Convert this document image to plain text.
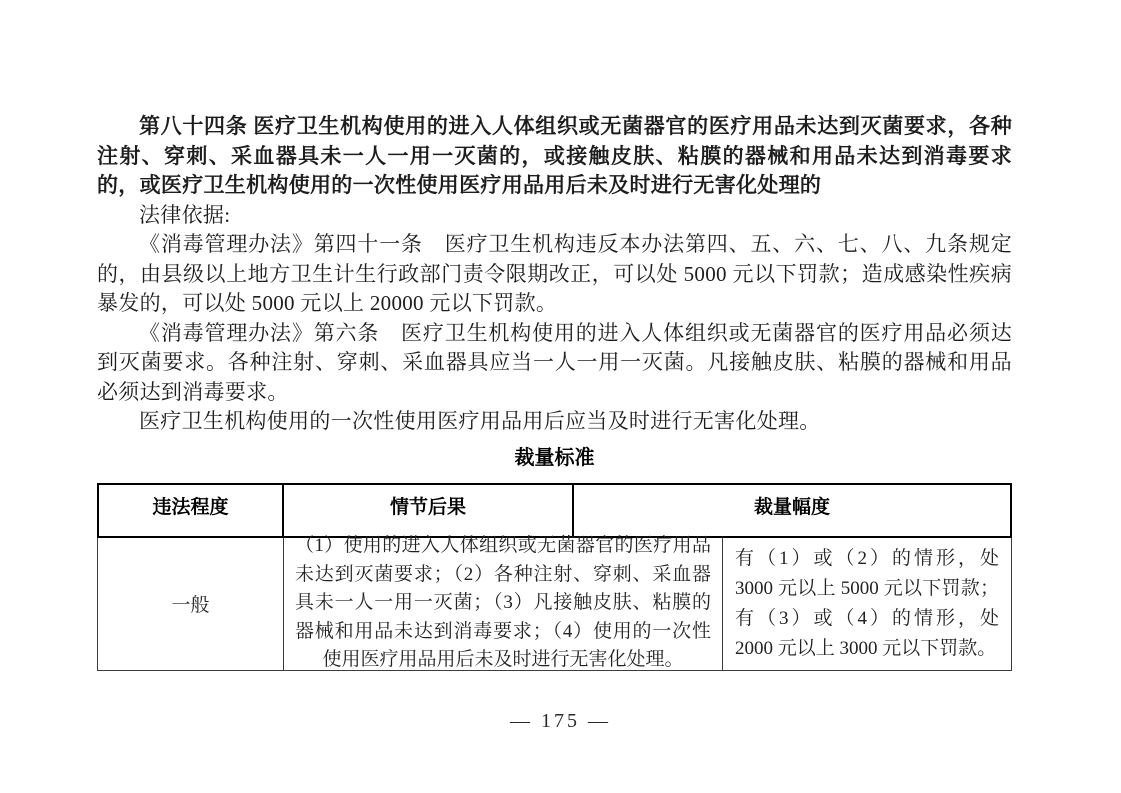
第八十四条 医疗卫生机构使用的进入人体组织或无菌器官的医疗用品未达到灭菌要求，各种注射、穿刺、采血器具未一人一用一灭菌的，或接触皮肤、粘膜的器械和用品未达到消毒要求的，或医疗卫生机构使用的一次性使用医疗用品用后未及时进行无害化处理的

法律依据:

《消毒管理办法》第四十一条　医疗卫生机构违反本办法第四、五、六、七、八、九条规定的，由县级以上地方卫生计生行政部门责令限期改正，可以处 5000 元以下罚款；造成感染性疾病暴发的，可以处 5000 元以上 20000 元以下罚款。

《消毒管理办法》第六条　医疗卫生机构使用的进入人体组织或无菌器官的医疗用品必须达到灭菌要求。各种注射、穿刺、采血器具应当一人一用一灭菌。凡接触皮肤、粘膜的器械和用品必须达到消毒要求。

医疗卫生机构使用的一次性使用医疗用品用后应当及时进行无害化处理。

裁量标准
违法程度	情节后果	裁量幅度
一般
（1）使用的进入人体组织或无菌器官的医疗用品未达到灭菌要求；（2）各种注射、穿刺、采血器具未一人一用一灭菌；（3）凡接触皮肤、粘膜的器械和用品未达到消毒要求；（4）使用的一次性使用医疗用品用后未及时进行无害化处理。
有（1）或（2）的情形，处 3000 元以上 5000 元以下罚款；有（3）或（4）的情形，处 2000 元以上 3000 元以下罚款。
— 175 —
